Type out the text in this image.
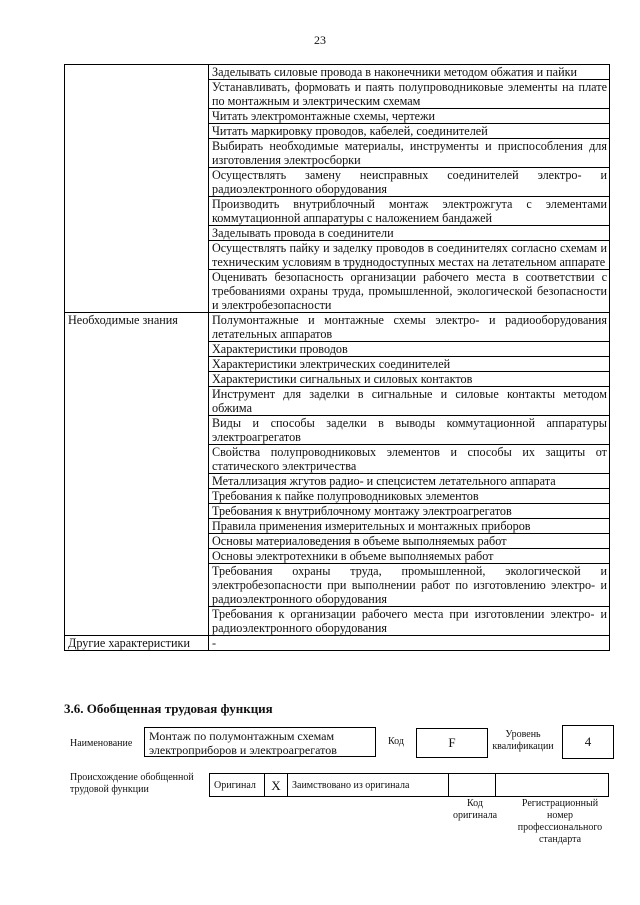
23
	Заделывать силовые провода в наконечники методом обжатия и пайки
	Устанавливать, формовать и паять полупроводниковые элементы на плате по монтажным и электрическим схемам
	Читать электромонтажные схемы, чертежи
	Читать маркировку проводов, кабелей, соединителей
	Выбирать необходимые материалы, инструменты и приспособления для изготовления электросборки
	Осуществлять замену неисправных соединителей электро- и радиоэлектронного оборудования
	Производить внутриблочный монтаж электрожгута с элементами коммутационной аппаратуры с наложением бандажей
	Заделывать провода в соединители
	Осуществлять пайку и заделку проводов в соединителях согласно схемам и техническим условиям в труднодоступных местах на летательном аппарате
	Оценивать безопасность организации рабочего места в соответствии с требованиями охраны труда, промышленной, экологической безопасности и электробезопасности
Необходимые знания	Полумонтажные и монтажные схемы электро- и радиооборудования летательных аппаратов
	Характеристики проводов
	Характеристики электрических соединителей
	Характеристики сигнальных и силовых контактов
	Инструмент для заделки в сигнальные и силовые контакты методом обжима
	Виды и способы заделки в выводы коммутационной аппаратуры электроагрегатов
	Свойства полупроводниковых элементов и способы их защиты от статического электричества
	Металлизация жгутов радио- и спецсистем летательного аппарата
	Требования к пайке полупроводниковых элементов
	Требования к внутриблочному монтажу электроагрегатов
	Правила применения измерительных и монтажных приборов
	Основы материаловедения в объеме выполняемых работ
	Основы электротехники в объеме выполняемых работ
	Требования охраны труда, промышленной, экологической и электробезопасности при выполнении работ по изготовлению электро- и радиоэлектронного оборудования
	Требования к организации рабочего места при изготовлении электро- и радиоэлектронного оборудования
Другие характеристики	-
3.6. Обобщенная трудовая функция
Наименование
Монтаж по полумонтажным схемам электроприборов и электроагрегатов
Код	F
Уровень квалификации	4
Происхождение обобщенной трудовой функции	Оригинал	X	Заимствовано из оригинала
Код оригинала
Регистрационный номер профессионального стандарта
